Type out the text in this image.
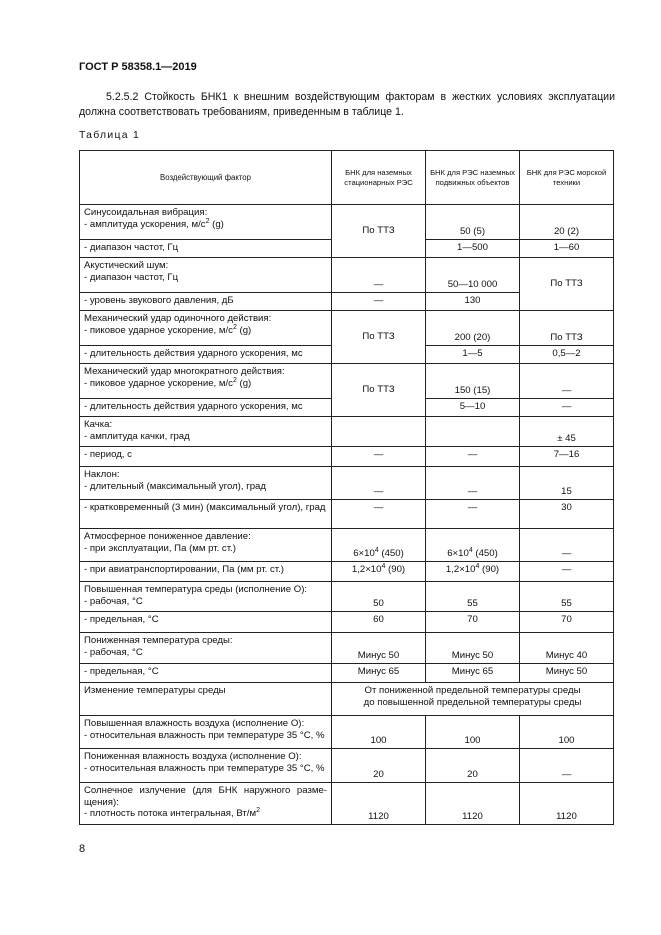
ГОСТ Р 58358.1—2019
5.2.5.2 Стойкость БНК1 к внешним воздействующим факторам в жестких условиях эксплуатации
должна соответствовать требованиям, приведенным в таблице 1.
Таблица 1
Воздействующий фактор	БНК для наземных стационарных РЭС	БНК для РЭС наземных подвижных объектов	БНК для РЭС морской техники

Синусоидальная вибрация:
- амплитуда ускорения, $м/с^2$ (g)	По ТТЗ	50 (5)	20 (2)
- диапазон частот, Гц		1—500	1—60

Акустический шум:
- диапазон частот, Гц	—	50—10 000	По ТТЗ
- уровень звукового давления, дБ	—	130	

Механический удар одиночного действия:
- пиковое ударное ускорение, $м/с^2$ (g)	По ТТЗ	200 (20)	По ТТЗ
- длительность действия ударного ускорения, мс		1—5	0,5—2

Механический удар многократного действия:
- пиковое ударное ускорение, $м/с^2$ (g)	По ТТЗ	150 (15)	—
- длительность действия ударного ускорения, мс		5—10	—

Качка:
- амплитуда качки, град			± 45
- период, с	—	—	7—16

Наклон:
- длительный (максимальный угол), град	—	—	15
- кратковременный (3 мин) (максимальный угол), град	—	—	30

Атмосферное пониженное давление:
- при эксплуатации, Па (мм рт. ст.)	$6\times 10^4$ (450)	$6\times 10^4$ (450)	—
- при авиатранспортировании, Па (мм рт. ст.)	$1,2\times 10^4$ (90)	$1,2\times 10^4$ (90)	—

Повышенная температура среды (исполнение О):
- рабочая, °С	50	55	55
- предельная, °С	60	70	70

Пониженная температура среды:
- рабочая, °С	Минус 50	Минус 50	Минус 40
- предельная, °С	Минус 65	Минус 65	Минус 50
Изменение температуры среды	От пониженной предельной температуры среды
до повышенной предельной температуры среды		

Повышенная влажность воздуха (исполнение О):
- относительная влажность при температуре 35 °С, %	100	100	100

Пониженная влажность воздуха (исполнение О):
- относительная влажность при температуре 35 °С, %	20	20	—

Солнечное излучение (для БНК наружного разме-щения):
- плотность потока интегральная, $Вт/м^2$	1120	1120	1120
8
